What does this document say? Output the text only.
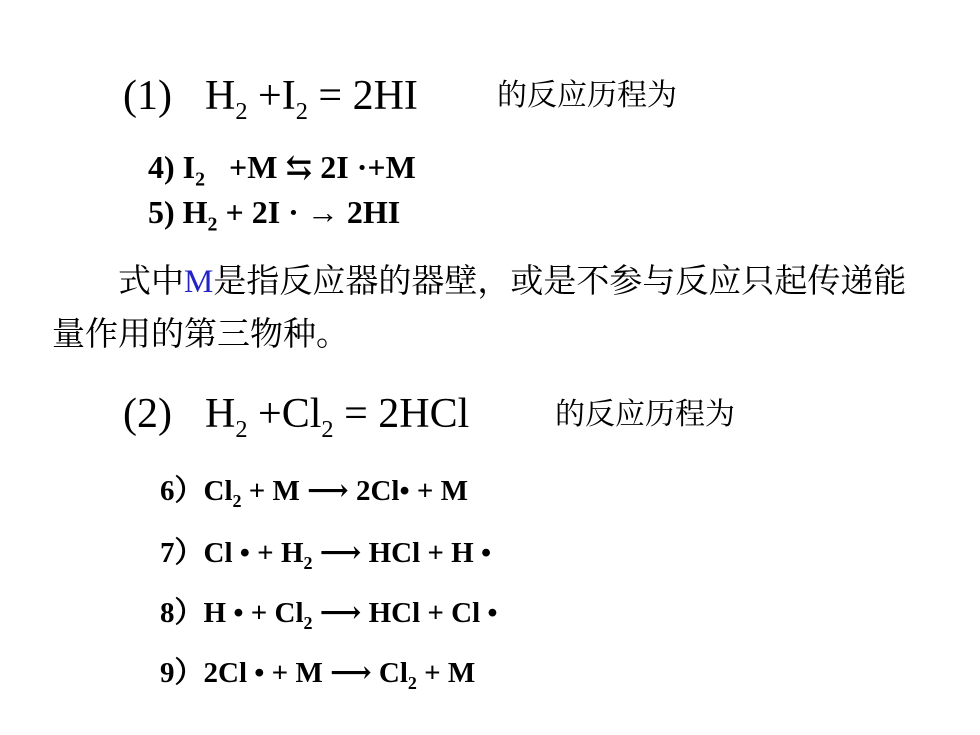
(1) $H_2 +I_2 = 2HI$	的反应历程为
4) $I_2 +M$ ⇆ 2I ·+M
5) $H_2 + 2I$ · → 2HI
式中M是指反应器的器壁，或是不参与反应只起传递能量作用的第三物种。
(2) $H_2 +Cl_2 = 2HCl$	的反应历程为
$6)Cl_2 + M$ ⟶ 2Cl• + M
7）Cl • + $H_2$ ⟶ HCl + H •
8）H • + $Cl_2$ ⟶ HCl + Cl •
9）2Cl • + M ⟶ $Cl_2 + M$
